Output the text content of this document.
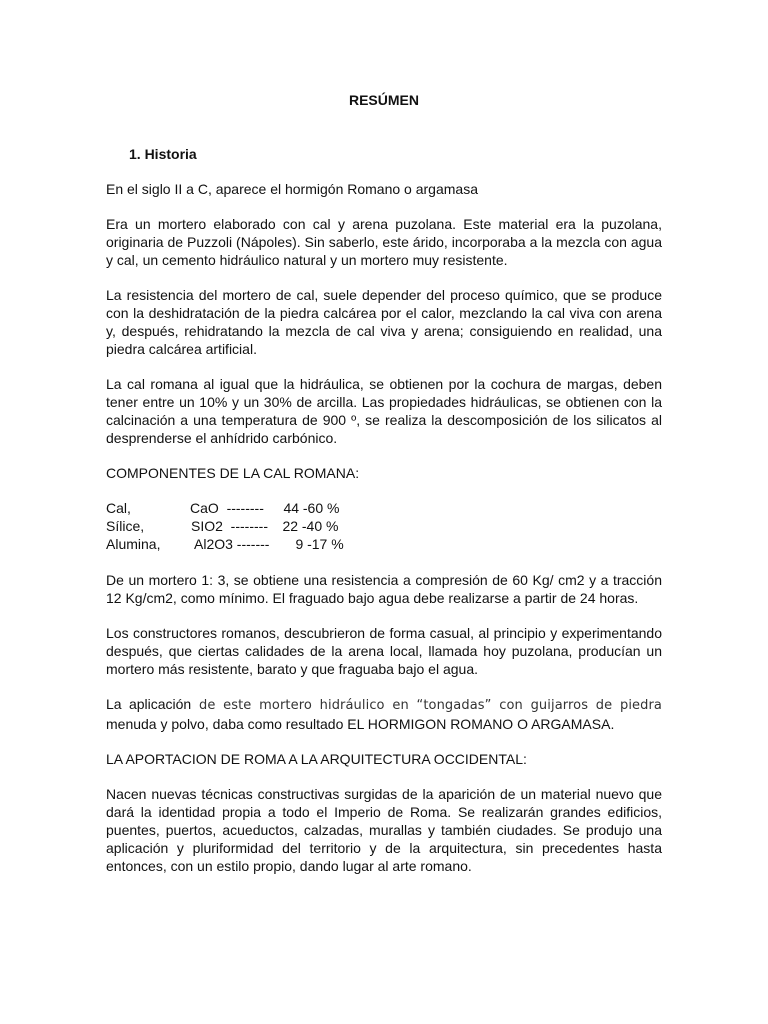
RESÚMEN
1. Historia

En el siglo II a C, aparece el hormigón Romano o argamasa

Era un mortero elaborado con cal y arena puzolana. Este material era la puzolana, originaria de Puzzoli (Nápoles). Sin saberlo, este árido, incorporaba a la mezcla con agua y cal, un cemento hidráulico natural y un mortero muy resistente.

La resistencia del mortero de cal, suele depender del proceso químico, que se produce con la deshidratación de la piedra calcárea por el calor, mezclando la cal viva con arena y, después, rehidratando la mezcla de cal viva y arena; consiguiendo en realidad, una piedra calcárea artificial.

La cal romana al igual que la hidráulica, se obtienen por la cochura de margas, deben tener entre un 10% y un 30% de arcilla. Las propiedades hidráulicas, se obtienen con la calcinación a una temperatura de 900 º, se realiza la descomposición de los silicatos al desprenderse el anhídrido carbónico.

COMPONENTES DE LA CAL ROMANA:

Cal,	CaO  --------	44 -60 %
Sílice,	SIO2  --------	22 -40 %
Alumina,	Al2O3 -------	9 -17 %

De un mortero 1: 3, se obtiene una resistencia a compresión de 60 Kg/ cm2 y a tracción 12 Kg/cm2, como mínimo. El fraguado bajo agua debe realizarse a partir de 24 horas.

Los constructores romanos, descubrieron de forma casual, al principio y experimentando después, que ciertas calidades de la arena local, llamada hoy puzolana, producían un mortero más resistente, barato y que fraguaba bajo el agua.

La aplicación de este mortero hidráulico en “tongadas” con guijarros de piedra menuda y polvo, daba como resultado EL HORMIGON ROMANO O ARGAMASA.

LA APORTACION DE ROMA A LA ARQUITECTURA OCCIDENTAL:

Nacen nuevas técnicas constructivas surgidas de la aparición de un material nuevo que dará la identidad propia a todo el Imperio de Roma. Se realizarán grandes edificios, puentes, puertos, acueductos, calzadas, murallas y también ciudades. Se produjo una aplicación y pluriformidad del territorio y de la arquitectura, sin precedentes hasta entonces, con un estilo propio, dando lugar al arte romano.
